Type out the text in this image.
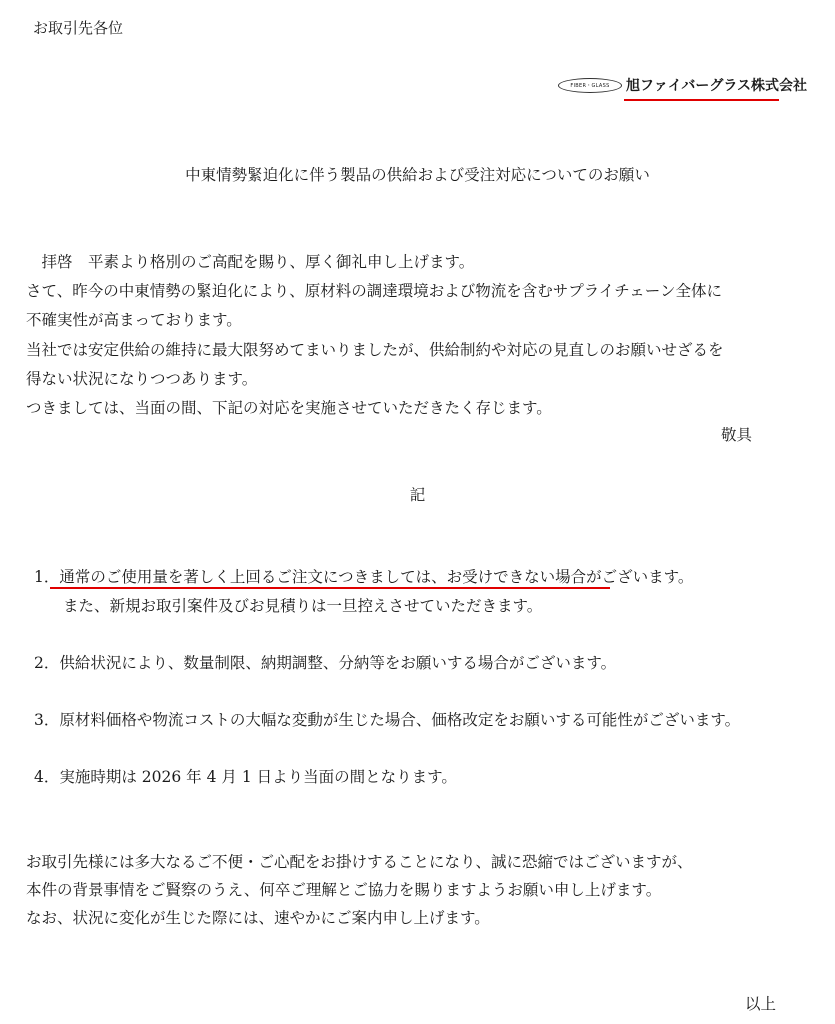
お取引先各位
FIBER・GLASS 旭ファイバーグラス株式会社
中東情勢緊迫化に伴う製品の供給および受注対応についてのお願い
　拝啓　平素より格別のご高配を賜り、厚く御礼申し上げます。
さて、昨今の中東情勢の緊迫化により、原材料の調達環境および物流を含むサプライチェーン全体に
不確実性が高まっております。
当社では安定供給の維持に最大限努めてまいりましたが、供給制約や対応の見直しのお願いせざるを
得ない状況になりつつあります。
つきましては、当面の間、下記の対応を実施させていただきたく存じます。
敬具
記
1．通常のご使用量を著しく上回るご注文につきましては、お受けできない場合がございます。
また、新規お取引案件及びお見積りは一旦控えさせていただきます。
2．供給状況により、数量制限、納期調整、分納等をお願いする場合がございます。
3．原材料価格や物流コストの大幅な変動が生じた場合、価格改定をお願いする可能性がございます。
4．実施時期は 2026 年 4 月 1 日より当面の間となります。
お取引先様には多大なるご不便・ご心配をお掛けすることになり、誠に恐縮ではございますが、
本件の背景事情をご賢察のうえ、何卒ご理解とご協力を賜りますようお願い申し上げます。
なお、状況に変化が生じた際には、速やかにご案内申し上げます。
以上
